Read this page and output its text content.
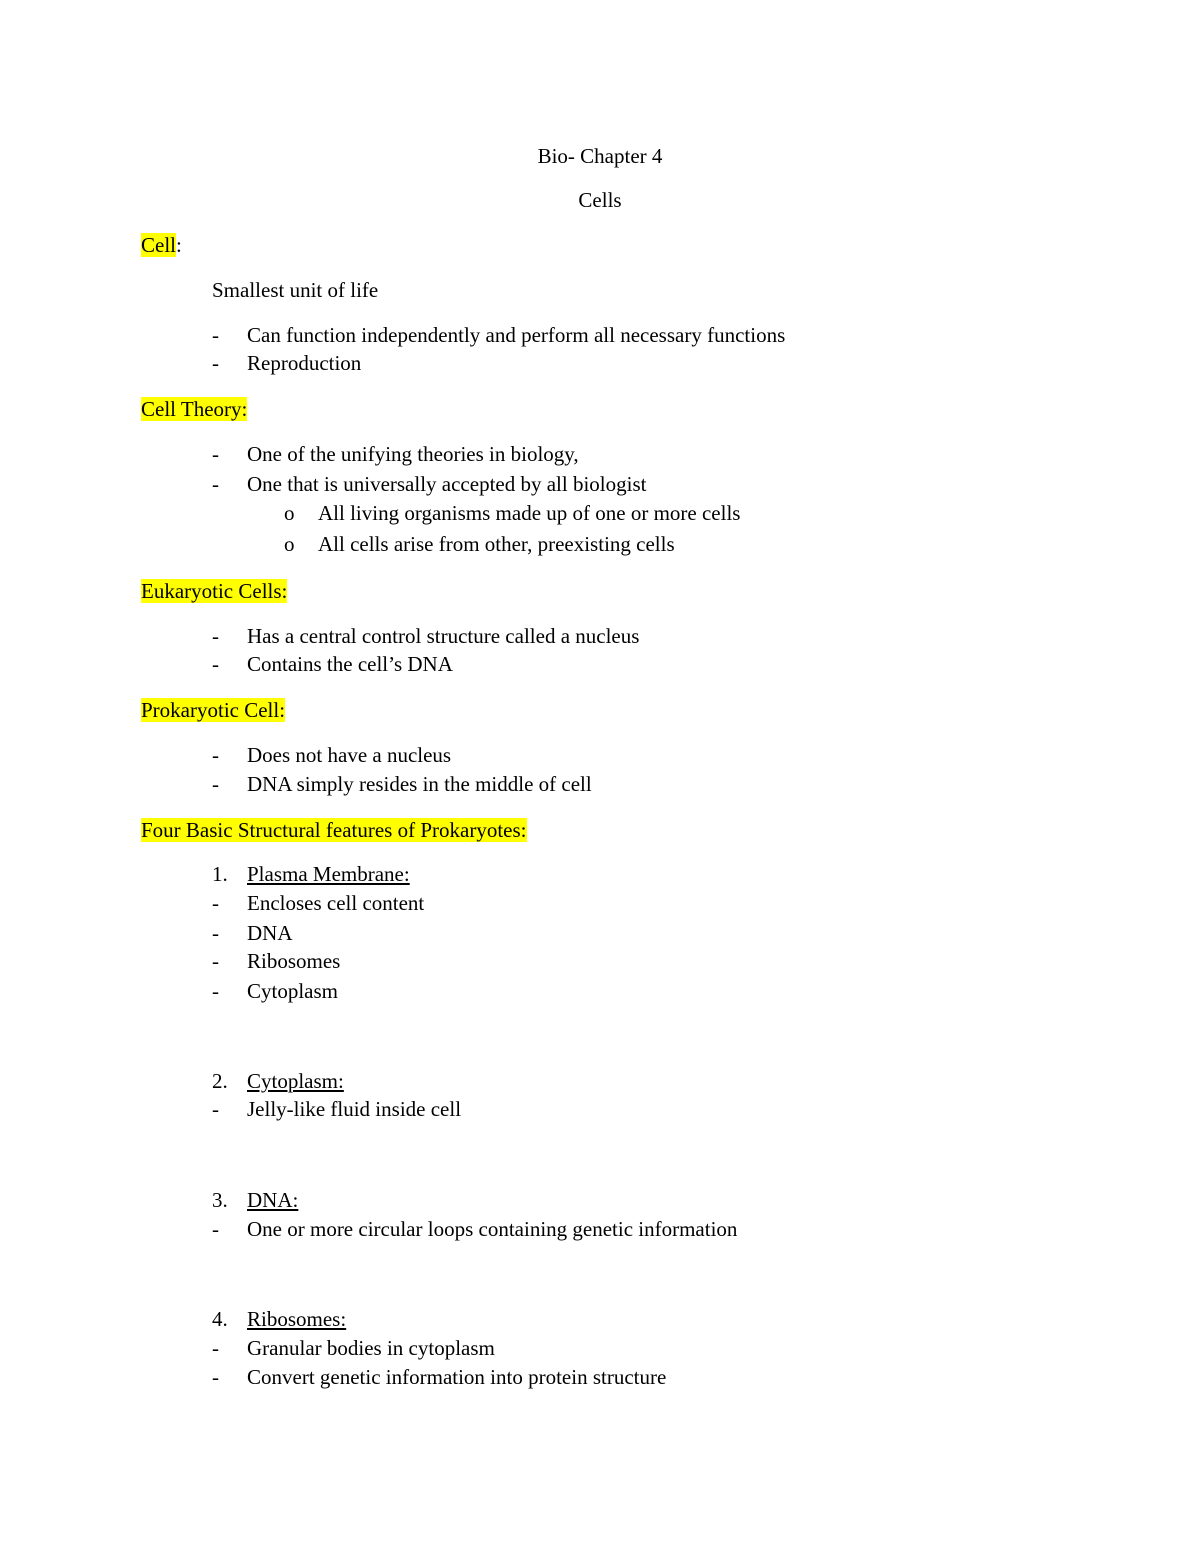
Bio- Chapter 4
Cells
Cell:
Smallest unit of life
- Can function independently and perform all necessary functions
- Reproduction
Cell Theory:
- One of the unifying theories in biology,
- One that is universally accepted by all biologist
o All living organisms made up of one or more cells
o All cells arise from other, preexisting cells
Eukaryotic Cells:
- Has a central control structure called a nucleus
- Contains the cell’s DNA
Prokaryotic Cell:
- Does not have a nucleus
- DNA simply resides in the middle of cell
Four Basic Structural features of Prokaryotes:
1. Plasma Membrane:
- Encloses cell content
- DNA
- Ribosomes
- Cytoplasm
2. Cytoplasm:
- Jelly-like fluid inside cell
3. DNA:
- One or more circular loops containing genetic information
4. Ribosomes:
- Granular bodies in cytoplasm
- Convert genetic information into protein structure
